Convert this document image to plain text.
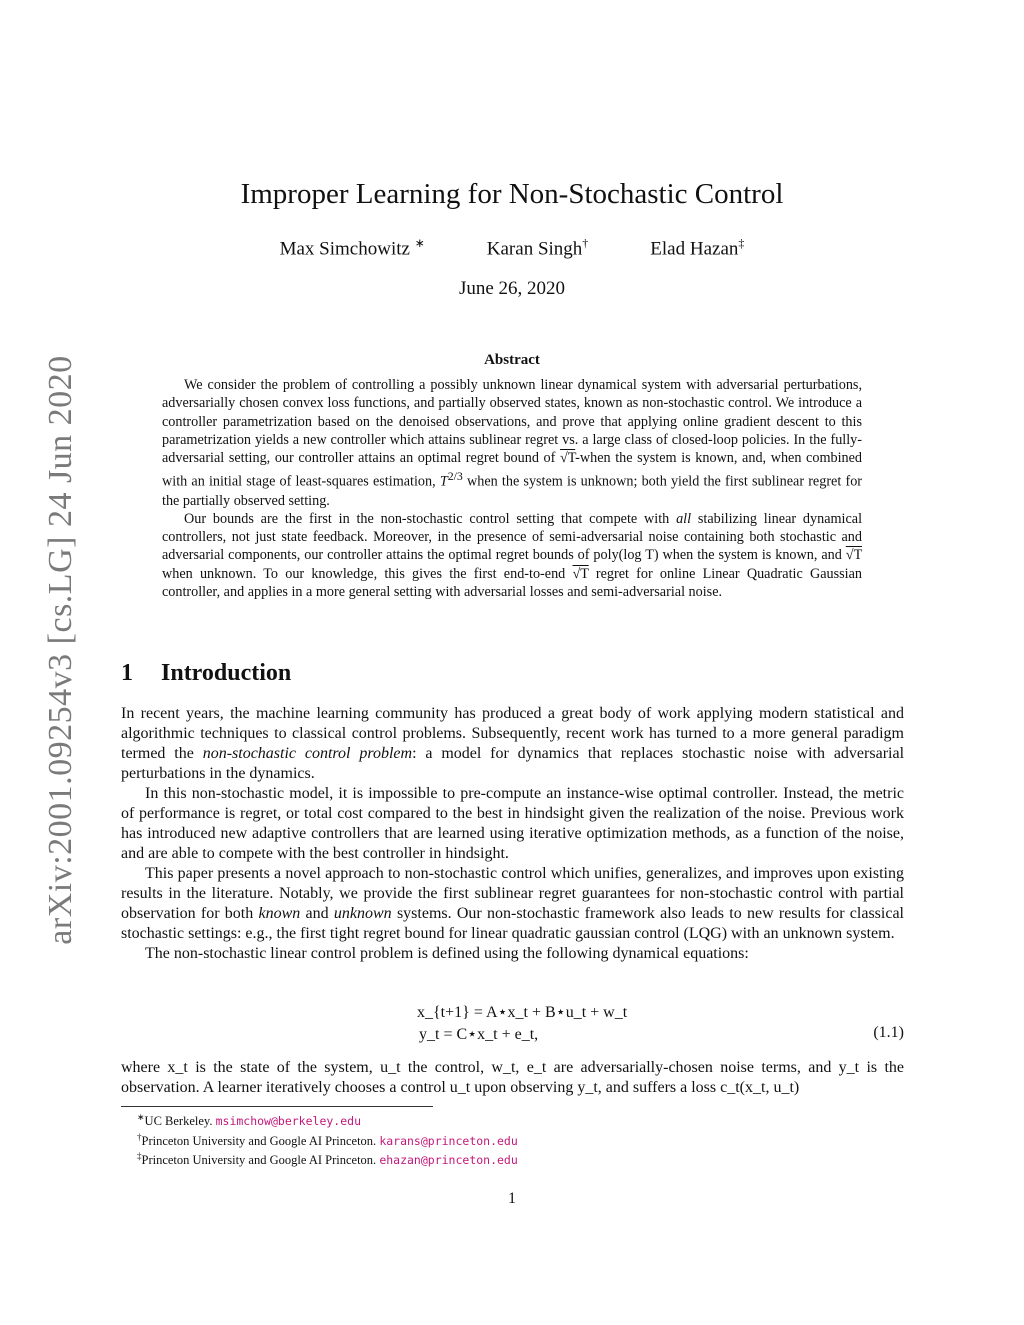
arXiv:2001.09254v3 [cs.LG] 24 Jun 2020
Improper Learning for Non-Stochastic Control
Max Simchowitz ∗	Karan Singh†	Elad Hazan‡
June 26, 2020
Abstract

We consider the problem of controlling a possibly unknown linear dynamical system with adversarial perturbations, adversarially chosen convex loss functions, and partially observed states, known as non-stochastic control. We introduce a controller parametrization based on the denoised observations, and prove that applying online gradient descent to this parametrization yields a new controller which attains sublinear regret vs. a large class of closed-loop policies. In the fully-adversarial setting, our controller attains an optimal regret bound of √T-when the system is known, and, when combined with an initial stage of least-squares estimation, $T^{2/3}$ when the system is unknown; both yield the first sublinear regret for the partially observed setting.

Our bounds are the first in the non-stochastic control setting that compete with all stabilizing linear dynamical controllers, not just state feedback. Moreover, in the presence of semi-adversarial noise containing both stochastic and adversarial components, our controller attains the optimal regret bounds of poly(log T) when the system is known, and √T when unknown. To our knowledge, this gives the first end-to-end √T regret for online Linear Quadratic Gaussian controller, and applies in a more general setting with adversarial losses and semi-adversarial noise.

1 Introduction

In recent years, the machine learning community has produced a great body of work applying modern statistical and algorithmic techniques to classical control problems. Subsequently, recent work has turned to a more general paradigm termed the non-stochastic control problem: a model for dynamics that replaces stochastic noise with adversarial perturbations in the dynamics.

In this non-stochastic model, it is impossible to pre-compute an instance-wise optimal controller. Instead, the metric of performance is regret, or total cost compared to the best in hindsight given the realization of the noise. Previous work has introduced new adaptive controllers that are learned using iterative optimization methods, as a function of the noise, and are able to compete with the best controller in hindsight.

This paper presents a novel approach to non-stochastic control which unifies, generalizes, and improves upon existing results in the literature. Notably, we provide the first sublinear regret guarantees for non-stochastic control with partial observation for both known and unknown systems. Our non-stochastic framework also leads to new results for classical stochastic settings: e.g., the first tight regret bound for linear quadratic gaussian control (LQG) with an unknown system.

The non-stochastic linear control problem is defined using the following dynamical equations:

x_{t+1} = A⋆x_t + B⋆u_t + w_t
y_t = C⋆x_t + e_t,	(1.1)

where x_t is the state of the system, u_t the control, w_t, e_t are adversarially-chosen noise terms, and y_t is the observation. A learner iteratively chooses a control u_t upon observing y_t, and suffers a loss c_t(x_t, u_t)

∗UC Berkeley. msimchow@berkeley.edu

†Princeton University and Google AI Princeton. karans@princeton.edu

‡Princeton University and Google AI Princeton. ehazan@princeton.edu

1
